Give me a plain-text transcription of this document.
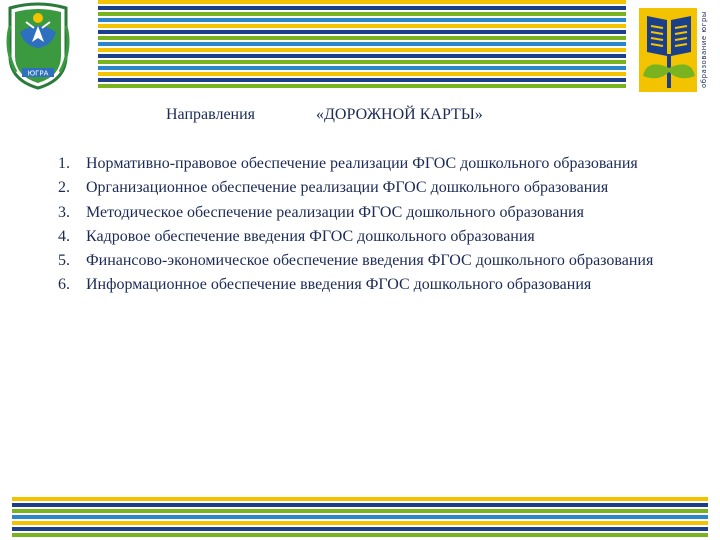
ЮГРА	образование югры
Направления	«ДОРОЖНОЙ КАРТЫ»
1.	Нормативно-правовое обеспечение реализации ФГОС дошкольного образования
2.	Организационное обеспечение реализации ФГОС дошкольного образования
3.	Методическое обеспечение реализации ФГОС дошкольного образования
4.	Кадровое обеспечение введения ФГОС дошкольного образования
5.	Финансово-экономическое обеспечение введения ФГОС дошкольного образования
6.	Информационное обеспечение введения ФГОС дошкольного образования
